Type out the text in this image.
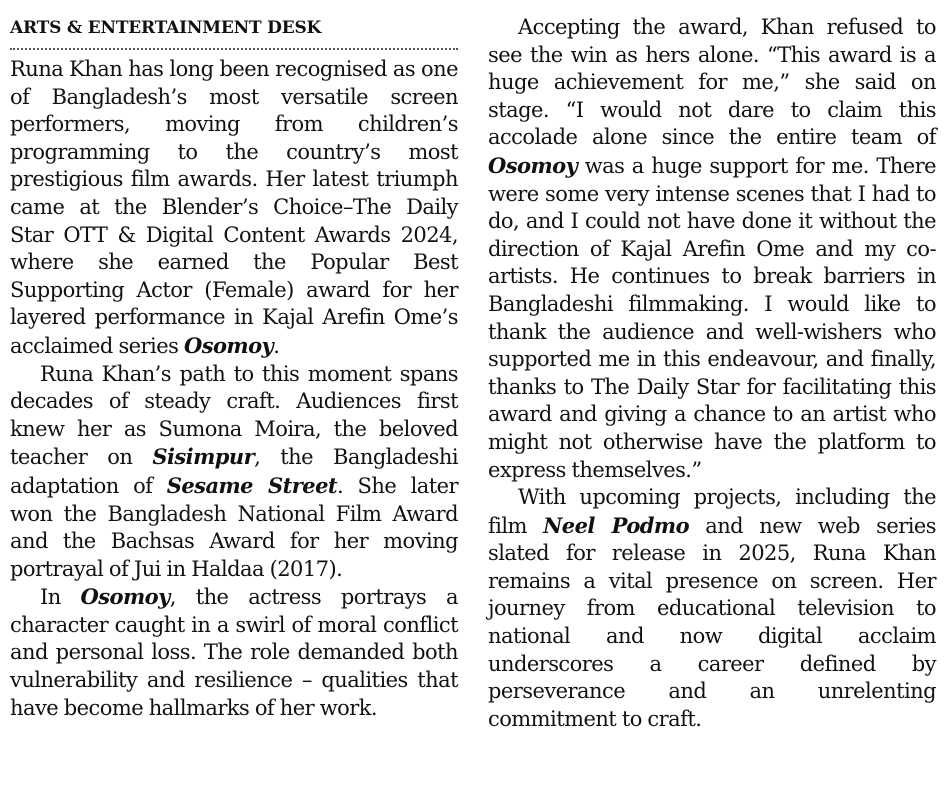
ARTS & ENTERTAINMENT DESK

Runa Khan has long been recognised as one of Bangladesh’s most versatile screen performers, moving from children’s programming to the country’s most prestigious film awards. Her latest triumph came at the Blender’s Choice–The Daily Star OTT & Digital Content Awards 2024, where she earned the Popular Best Supporting Actor (Female) award for her layered performance in Kajal Arefin Ome’s acclaimed series Osomoy.

Runa Khan’s path to this moment spans decades of steady craft. Audiences first knew her as Sumona Moira, the beloved teacher on Sisimpur, the Bangladeshi adaptation of Sesame Street. She later won the Bangladesh National Film Award and the Bachsas Award for her moving portrayal of Jui in Haldaa (2017).

In Osomoy, the actress portrays a character caught in a swirl of moral conflict and personal loss. The role demanded both vulnerability and resilience – qualities that have become hallmarks of her work.

Accepting the award, Khan refused to see the win as hers alone. “This award is a huge achievement for me,” she said on stage. “I would not dare to claim this accolade alone since the entire team of Osomoy was a huge support for me. There were some very intense scenes that I had to do, and I could not have done it without the direction of Kajal Arefin Ome and my co-artists. He continues to break barriers in Bangladeshi filmmaking. I would like to thank the audience and well-wishers who supported me in this endeavour, and finally, thanks to The Daily Star for facilitating this award and giving a chance to an artist who might not otherwise have the platform to express themselves.”

With upcoming projects, including the film Neel Podmo and new web series slated for release in 2025, Runa Khan remains a vital presence on screen. Her journey from educational television to national and now digital acclaim underscores a career defined by perseverance and an unrelenting commitment to craft.
